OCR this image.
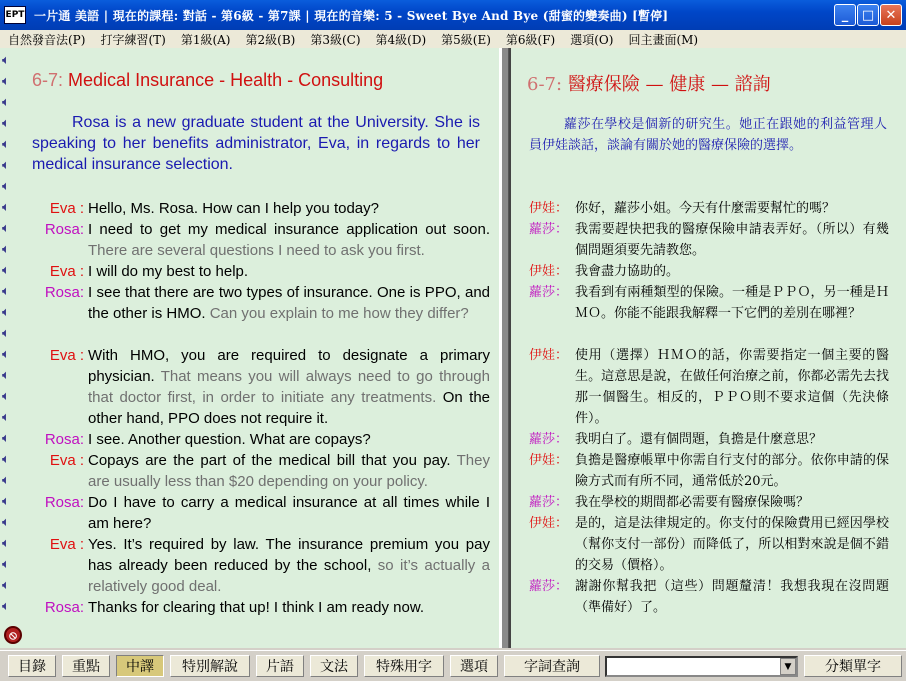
EPT 一片通 美語 | 現在的課程: 對話 - 第6級 - 第7課 | 現在的音樂: 5 - Sweet Bye And Bye (甜蜜的變奏曲) [暫停]	_	□ ✕
自然發音法(P)	打字練習(T)	第1級(A)	第2級(B)	第3級(C)	第4級(D)	第5級(E)	第6級(F)	選項(O)	回主畫面(M)
🔈︎
🔈︎
🔈︎
🔈︎
🔈︎
🔈︎
🔈︎
🔈︎
🔈︎
🔈︎
🔈︎
🔈︎
🔈︎
🔈︎
🔈︎
🔈︎
🔈︎
🔈︎
🔈︎
🔈︎
🔈︎
🔈︎
🔈︎
🔈︎
🔈︎
🔈︎
🔈︎
6-7: Medical Insurance - Health - Consulting
Rosa is a new graduate student at the University. She is speaking to her benefits administrator, Eva, in regards to her medical insurance selection.
Eva : Hello, Ms. Rosa. How can I help you today?
Rosa: I need to get my medical insurance application out soon. There are several questions I need to ask you first.
Eva : I will do my best to help.
Rosa: I see that there are two types of insurance. One is PPO, and the other is HMO. Can you explain to me how they differ?
Eva : With HMO, you are required to designate a primary physician. That means you will always need to go through that doctor first, in order to initiate any treatments. On the other hand, PPO does not require it.
Rosa: I see. Another question. What are copays?
Eva : Copays are the part of the medical bill that you pay. They are usually less than $20 depending on your policy.
Rosa: Do I have to carry a medical insurance at all times while I am here?
Eva : Yes. It’s required by law. The insurance premium you pay has already been reduced by the school, so it’s actually a relatively good deal.
Rosa: Thanks for clearing that up! I think I am ready now.
⦸
6-7: 醫療保險 — 健康 — 諮詢
蘿莎在學校是個新的研究生。她正在跟她的利益管理人員伊娃談話，談論有關於她的醫療保險的選擇。
伊娃： 你好，蘿莎小姐。今天有什麼需要幫忙的嗎？
蘿莎： 我需要趕快把我的醫療保險申請表弄好。（所以）有幾個問題須要先請教您。
伊娃： 我會盡力協助的。
蘿莎： 我看到有兩種類型的保險。一種是ＰＰＯ，另一種是ＨＭＯ。你能不能跟我解釋一下它們的差別在哪裡？
伊娃： 使用（選擇）ＨＭＯ的話，你需要指定一個主要的醫生。這意思是說，在做任何治療之前，你都必需先去找那一個醫生。相反的，ＰＰＯ則不要求這個（先決條件）。
蘿莎： 我明白了。還有個問題，負擔是什麼意思？
伊娃： 負擔是醫療帳單中你需自行支付的部分。依你申請的保險方式而有所不同，通常低於20元。
蘿莎： 我在學校的期間都必需要有醫療保險嗎？
伊娃： 是的，這是法律規定的。你支付的保險費用已經因學校（幫你支付一部份）而降低了，所以相對來說是個不錯的交易（價格）。
蘿莎： 謝謝你幫我把（這些）問題釐清！我想我現在沒問題（準備好）了。
目錄	重點	中譯	特別解說	片語	文法	特殊用字	選項	字詞查詢	▼	分類單字
